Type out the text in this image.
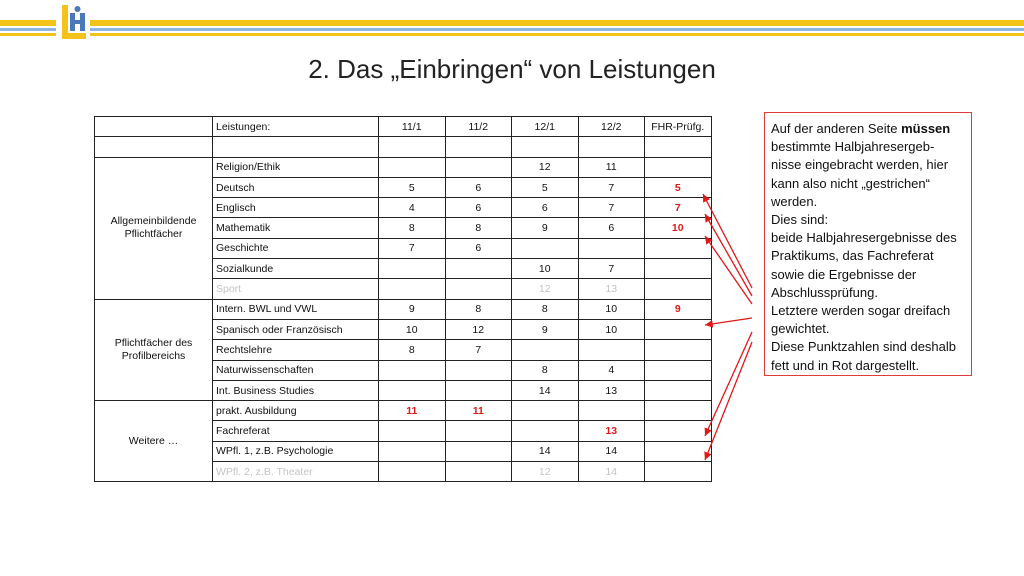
2. Das „Einbringen“ von Leistungen
	Leistungen:	11/1	11/2	12/1	12/2	FHR-Prüfg.

Allgemeinbildende
Pflichtfächer	Religion/Ethik			12	11	
	Deutsch	5	6	5	7	5
	Englisch	4	6	6	7	7
	Mathematik	8	8	9	6	10
	Geschichte	7	6			
	Sozialkunde			10	7	
	Sport			12	13	
Pflichtfächer des
Profilbereichs	Intern. BWL und VWL	9	8	8	10	9
	Spanisch oder Französisch	10	12	9	10	
	Rechtslehre	8	7			
	Naturwissenschaften			8	4	
	Int. Business Studies			14	13	
Weitere …	prakt. Ausbildung	11	11			
	Fachreferat				13	
	WPfl. 1, z.B. Psychologie			14	14	
	WPfl. 2, z.B. Theater			12	14	
Auf der anderen Seite müssen
bestimmte Halbjahresergeb-
nisse eingebracht werden, hier
kann also nicht „gestrichen“
werden.
Dies sind:
beide Halbjahresergebnisse des
Praktikums, das Fachreferat
sowie die Ergebnisse der
Abschlussprüfung.
Letztere werden sogar dreifach
gewichtet.
Diese Punktzahlen sind deshalb
fett und in Rot dargestellt.
